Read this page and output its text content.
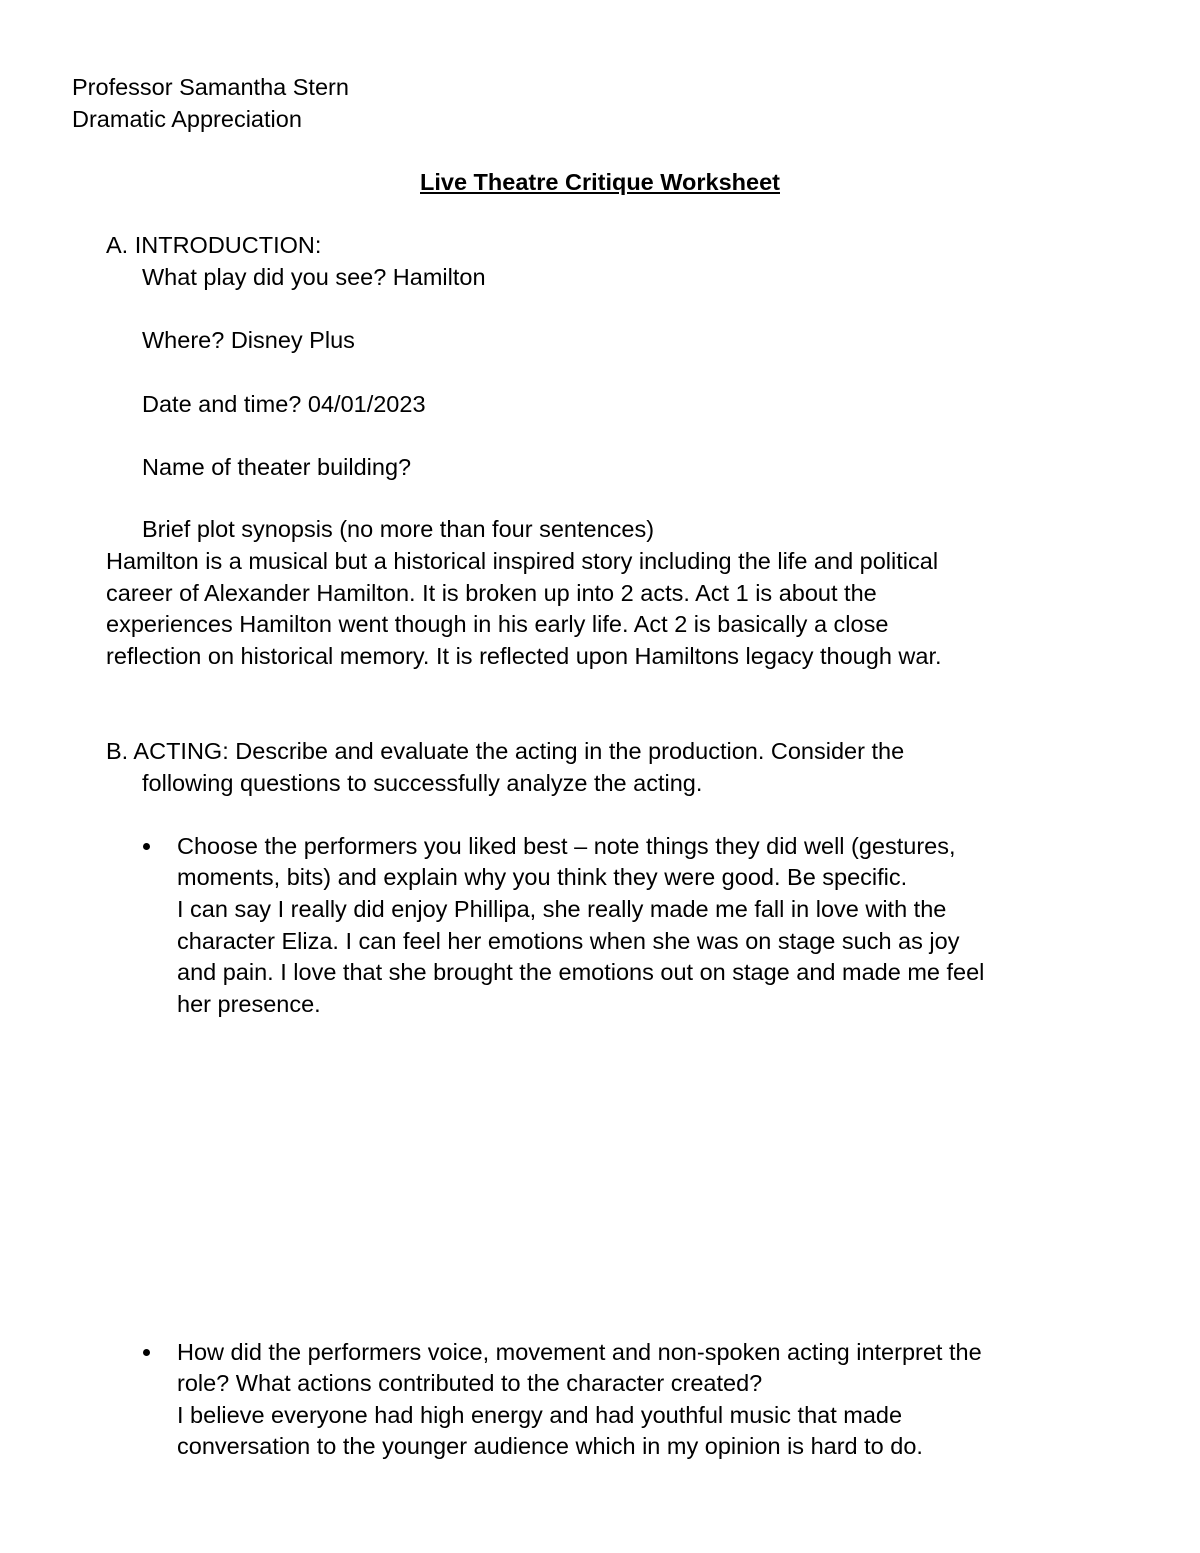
Professor Samantha Stern
Dramatic Appreciation
Live Theatre Critique Worksheet
A. INTRODUCTION:
What play did you see? Hamilton
Where? Disney Plus
Date and time? 04/01/2023
Name of theater building?
Brief plot synopsis (no more than four sentences)
Hamilton is a musical but a historical inspired story including the life and political
career of Alexander Hamilton. It is broken up into 2 acts. Act 1 is about the
experiences Hamilton went though in his early life. Act 2 is basically a close
reflection on historical memory. It is reflected upon Hamiltons legacy though war.
B. ACTING: Describe and evaluate the acting in the production. Consider the
following questions to successfully analyze the acting.
Choose the performers you liked best – note things they did well (gestures,
moments, bits) and explain why you think they were good. Be specific.
I can say I really did enjoy Phillipa, she really made me fall in love with the
character Eliza. I can feel her emotions when she was on stage such as joy
and pain. I love that she brought the emotions out on stage and made me feel
her presence.
How did the performers voice, movement and non-spoken acting interpret the
role? What actions contributed to the character created?
I believe everyone had high energy and had youthful music that made
conversation to the younger audience which in my opinion is hard to do.
